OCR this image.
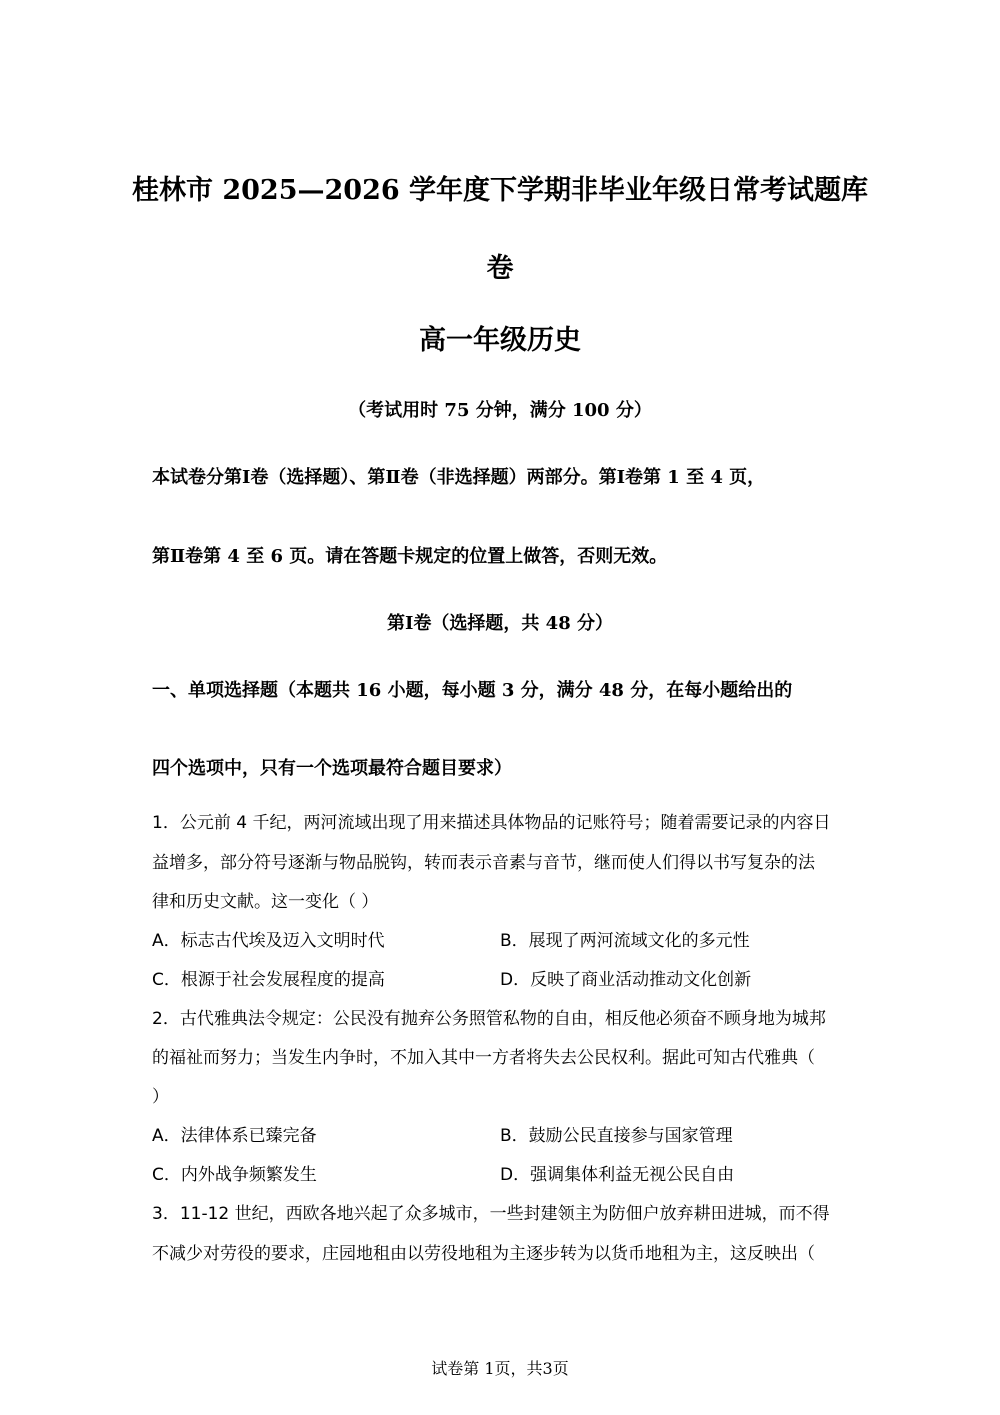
桂林市 2025—2026 学年度下学期非毕业年级日常考试题库
卷
高一年级历史
（考试用时 75 分钟，满分 100 分）
本试卷分第Ⅰ卷（选择题）、第Ⅱ卷（非选择题）两部分。第Ⅰ卷第 1 至 4 页，
第Ⅱ卷第 4 至 6 页。请在答题卡规定的位置上做答，否则无效。
第Ⅰ卷（选择题，共 48 分）
一、单项选择题（本题共 16 小题，每小题 3 分，满分 48 分，在每小题给出的
四个选项中，只有一个选项最符合题目要求）
1．公元前 4 千纪，两河流域出现了用来描述具体物品的记账符号；随着需要记录的内容日
益增多，部分符号逐渐与物品脱钩，转而表示音素与音节，继而使人们得以书写复杂的法
律和历史文献。这一变化（ ）
A．标志古代埃及迈入文明时代	B．展现了两河流域文化的多元性
C．根源于社会发展程度的提高	D．反映了商业活动推动文化创新
2．古代雅典法令规定：公民没有抛弃公务照管私物的自由，相反他必须奋不顾身地为城邦
的福祉而努力；当发生内争时，不加入其中一方者将失去公民权利。据此可知古代雅典（
）
A．法律体系已臻完备	B．鼓励公民直接参与国家管理
C．内外战争频繁发生	D．强调集体利益无视公民自由
3．11-12 世纪，西欧各地兴起了众多城市，一些封建领主为防佃户放弃耕田进城，而不得
不减少对劳役的要求，庄园地租由以劳役地租为主逐步转为以货币地租为主，这反映出（
试卷第 1页，共3页
